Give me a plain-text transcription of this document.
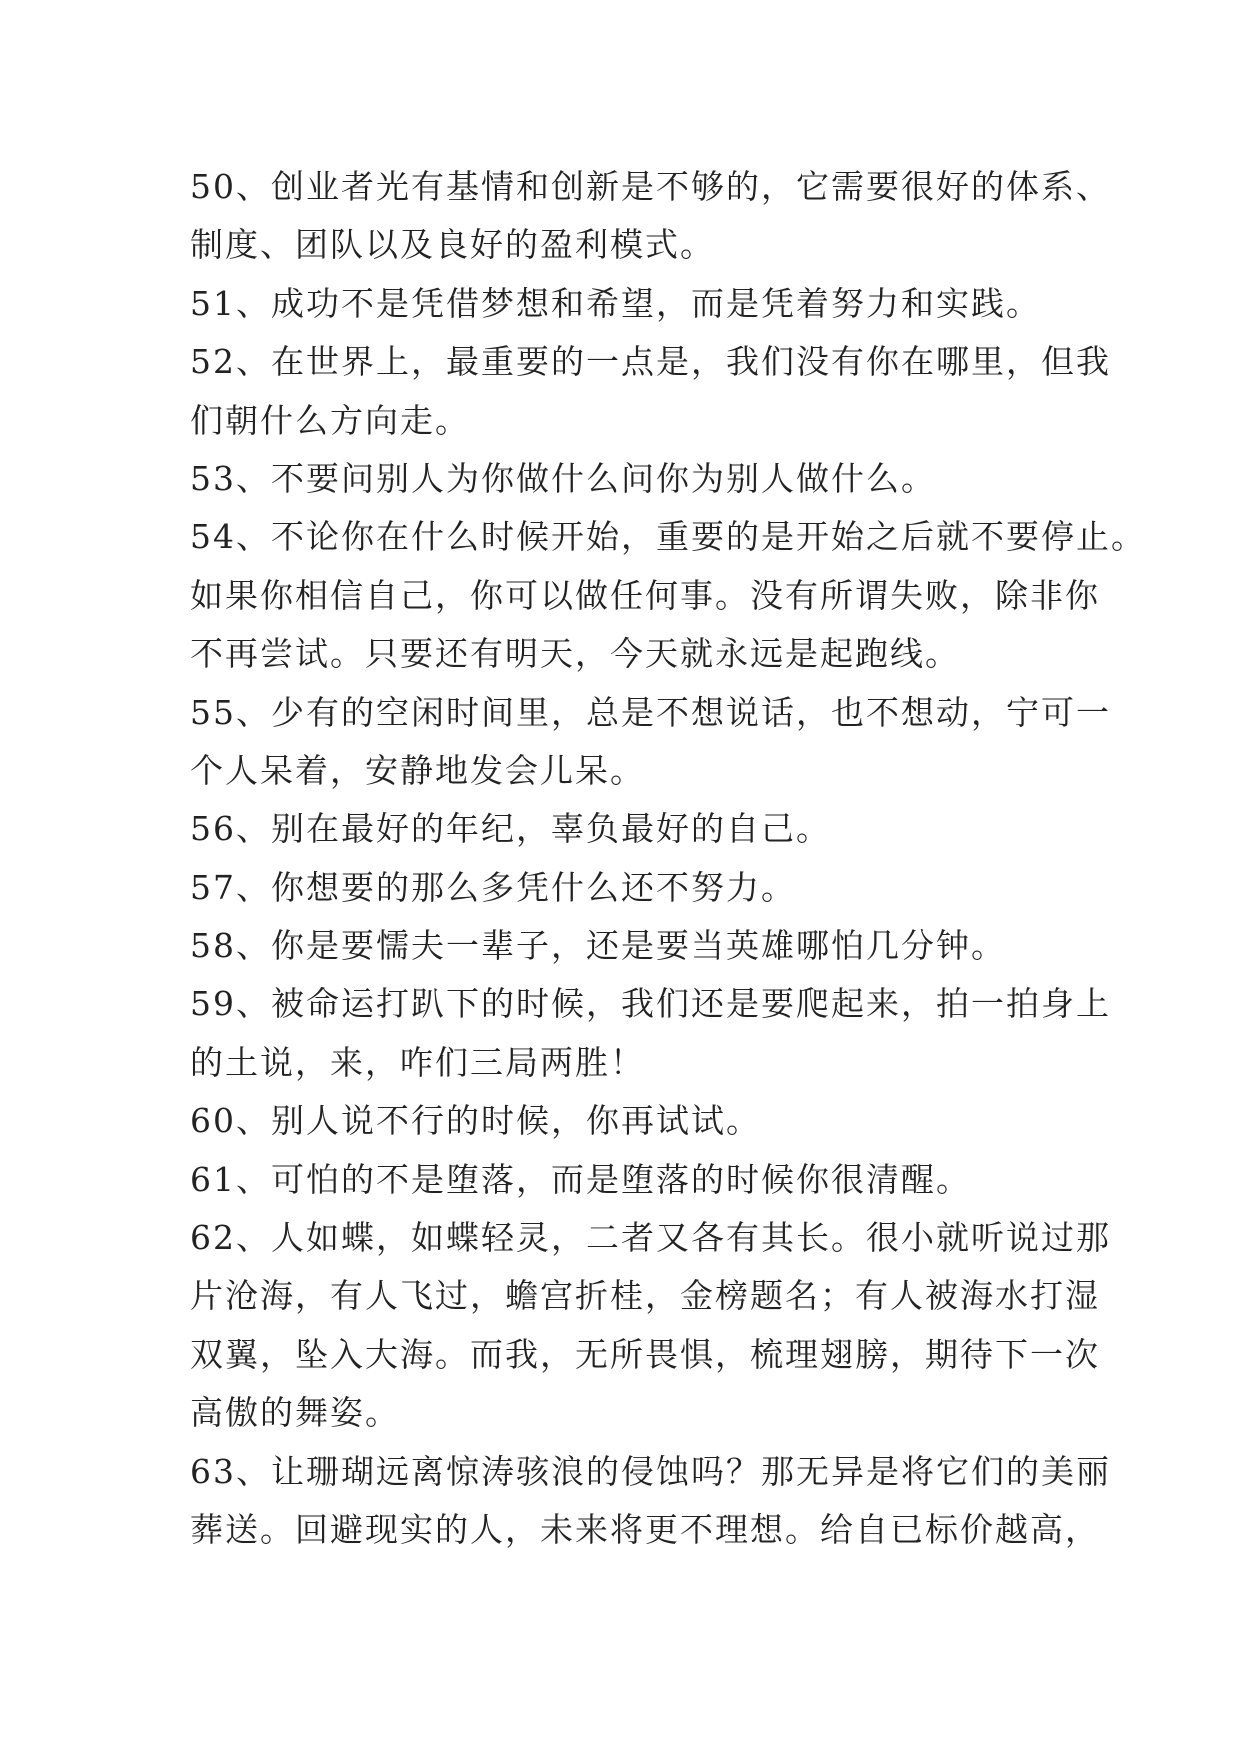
50、创业者光有基情和创新是不够的，它需要很好的体系、
制度、团队以及良好的盈利模式。
51、成功不是凭借梦想和希望，而是凭着努力和实践。
52、在世界上，最重要的一点是，我们没有你在哪里，但我
们朝什么方向走。
53、不要问别人为你做什么问你为别人做什么。
54、不论你在什么时候开始，重要的是开始之后就不要停止。
如果你相信自己，你可以做任何事。没有所谓失败，除非你
不再尝试。只要还有明天，今天就永远是起跑线。
55、少有的空闲时间里，总是不想说话，也不想动，宁可一
个人呆着，安静地发会儿呆。
56、别在最好的年纪，辜负最好的自己。
57、你想要的那么多凭什么还不努力。
58、你是要懦夫一辈子，还是要当英雄哪怕几分钟。
59、被命运打趴下的时候，我们还是要爬起来，拍一拍身上
的土说，来，咋们三局两胜！
60、别人说不行的时候，你再试试。
61、可怕的不是堕落，而是堕落的时候你很清醒。
62、人如蝶，如蝶轻灵，二者又各有其长。很小就听说过那
片沧海，有人飞过，蟾宫折桂，金榜题名；有人被海水打湿
双翼，坠入大海。而我，无所畏惧，梳理翅膀，期待下一次
高傲的舞姿。
63、让珊瑚远离惊涛骇浪的侵蚀吗？那无异是将它们的美丽
葬送。回避现实的人，未来将更不理想。给自已标价越高，
